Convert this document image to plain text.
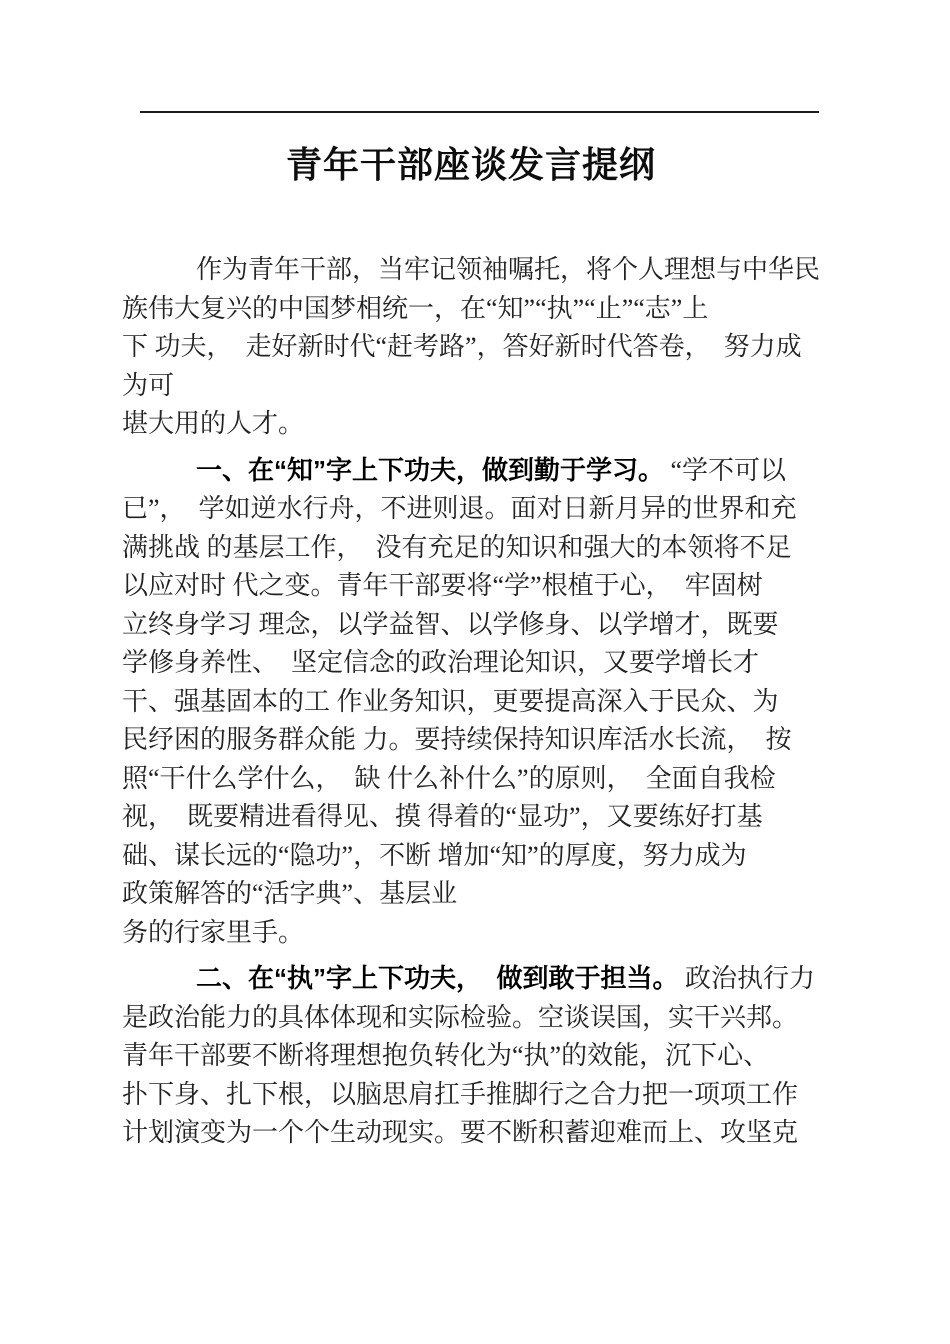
青年干部座谈发言提纲
作为青年干部，当牢记领袖嘱托，将个人理想与中华民
族伟大复兴的中国梦相统一，在“知”“执”“止”“志”上
下 功夫，  走好新时代“赶考路”，答好新时代答卷，  努力成
为可
堪大用的人才。
一、在“知”字上下功夫，做到勤于学习。 “学不可以
已”，  学如逆水行舟，不进则退。面对日新月异的世界和充
满挑战 的基层工作，  没有充足的知识和强大的本领将不足
以应对时 代之变。青年干部要将“学”根植于心，  牢固树
立终身学习 理念，以学益智、以学修身、以学增才，既要
学修身养性、  坚定信念的政治理论知识，又要学增长才
干、强基固本的工 作业务知识，更要提高深入于民众、为
民纾困的服务群众能 力。要持续保持知识库活水长流，  按
照“干什么学什么，  缺 什么补什么”的原则，  全面自我检
视，  既要精进看得见、摸 得着的“显功”，又要练好打基
础、谋长远的“隐功”，不断 增加“知”的厚度，努力成为
政策解答的“活字典”、基层业
务的行家里手。
二、在“执”字上下功夫，  做到敢于担当。 政治执行力
是政治能力的具体体现和实际检验。空谈误国，实干兴邦。
青年干部要不断将理想抱负转化为“执”的效能，沉下心、
扑下身、扎下根，以脑思肩扛手推脚行之合力把一项项工作
计划演变为一个个生动现实。要不断积蓄迎难而上、攻坚克
